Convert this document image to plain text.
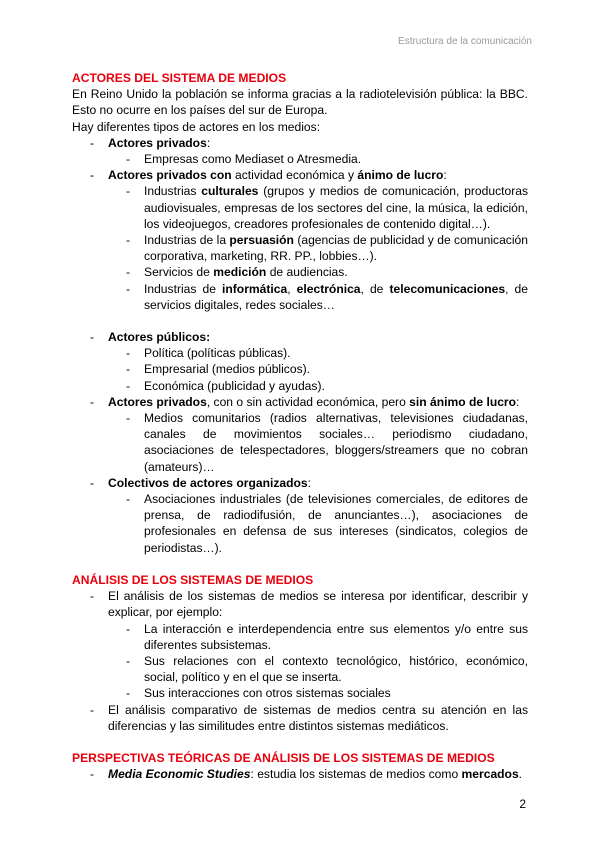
Estructura de la comunicación
ACTORES DEL SISTEMA DE MEDIOS

En Reino Unido la población se informa gracias a la radiotelevisión pública: la BBC. Esto no ocurre en los países del sur de Europa.

Hay diferentes tipos de actores en los medios:

- Actores privados:
- Empresas como Mediaset o Atresmedia.
- Actores privados con actividad económica y ánimo de lucro:
- Industrias culturales (grupos y medios de comunicación, productoras audiovisuales, empresas de los sectores del cine, la música, la edición, los videojuegos, creadores profesionales de contenido digital…).
- Industrias de la persuasión (agencias de publicidad y de comunicación corporativa, marketing, RR. PP., lobbies…).
- Servicios de medición de audiencias.
- Industrias de informática, electrónica, de telecomunicaciones, de servicios digitales, redes sociales…
- Actores públicos:
- Política (políticas públicas).
- Empresarial (medios públicos).
- Económica (publicidad y ayudas).
- Actores privados, con o sin actividad económica, pero sin ánimo de lucro:
- Medios comunitarios (radios alternativas, televisiones ciudadanas, canales de movimientos sociales… periodismo ciudadano, asociaciones de telespectadores, bloggers/streamers que no cobran (amateurs)…
- Colectivos de actores organizados:
- Asociaciones industriales (de televisiones comerciales, de editores de prensa, de radiodifusión, de anunciantes…), asociaciones de profesionales en defensa de sus intereses (sindicatos, colegios de periodistas…).
ANÁLISIS DE LOS SISTEMAS DE MEDIOS
- El análisis de los sistemas de medios se interesa por identificar, describir y explicar, por ejemplo:
- La interacción e interdependencia entre sus elementos y/o entre sus diferentes subsistemas.
- Sus relaciones con el contexto tecnológico, histórico, económico, social, político y en el que se inserta.
- Sus interacciones con otros sistemas sociales
- El análisis comparativo de sistemas de medios centra su atención en las diferencias y las similitudes entre distintos sistemas mediáticos.
PERSPECTIVAS TEÓRICAS DE ANÁLISIS DE LOS SISTEMAS DE MEDIOS
- Media Economic Studies: estudia los sistemas de medios como mercados.
2
